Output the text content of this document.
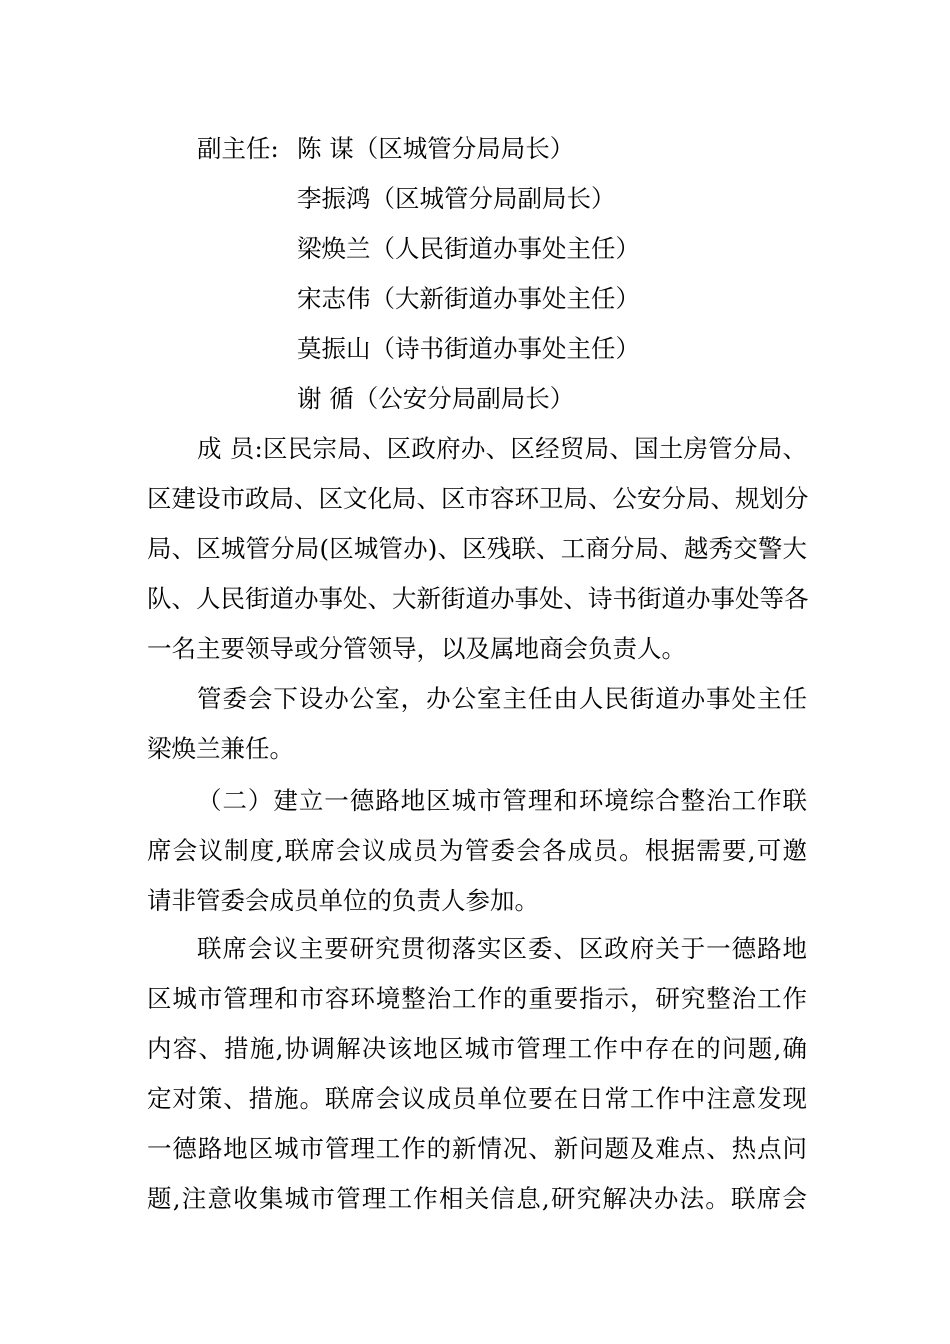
副主任: 陈 谋（区城管分局局长）
李振鸿（区城管分局副局长）
梁焕兰（人民街道办事处主任）
宋志伟（大新街道办事处主任）
莫振山（诗书街道办事处主任）
谢 循（公安分局副局长）
成 员:区民宗局、区政府办、区经贸局、国土房管分局、
区建设市政局、区文化局、区市容环卫局、公安分局、规划分
局、区城管分局(区城管办)、区残联、工商分局、越秀交警大
队、人民街道办事处、大新街道办事处、诗书街道办事处等各
一名主要领导或分管领导，以及属地商会负责人。
管委会下设办公室，办公室主任由人民街道办事处主任
梁焕兰兼任。
（二）建立一德路地区城市管理和环境综合整治工作联
席会议制度,联席会议成员为管委会各成员。根据需要,可邀
请非管委会成员单位的负责人参加。
联席会议主要研究贯彻落实区委、区政府关于一德路地
区城市管理和市容环境整治工作的重要指示，研究整治工作
内容、措施,协调解决该地区城市管理工作中存在的问题,确
定对策、措施。联席会议成员单位要在日常工作中注意发现
一德路地区城市管理工作的新情况、新问题及难点、热点问
题,注意收集城市管理工作相关信息,研究解决办法。联席会
